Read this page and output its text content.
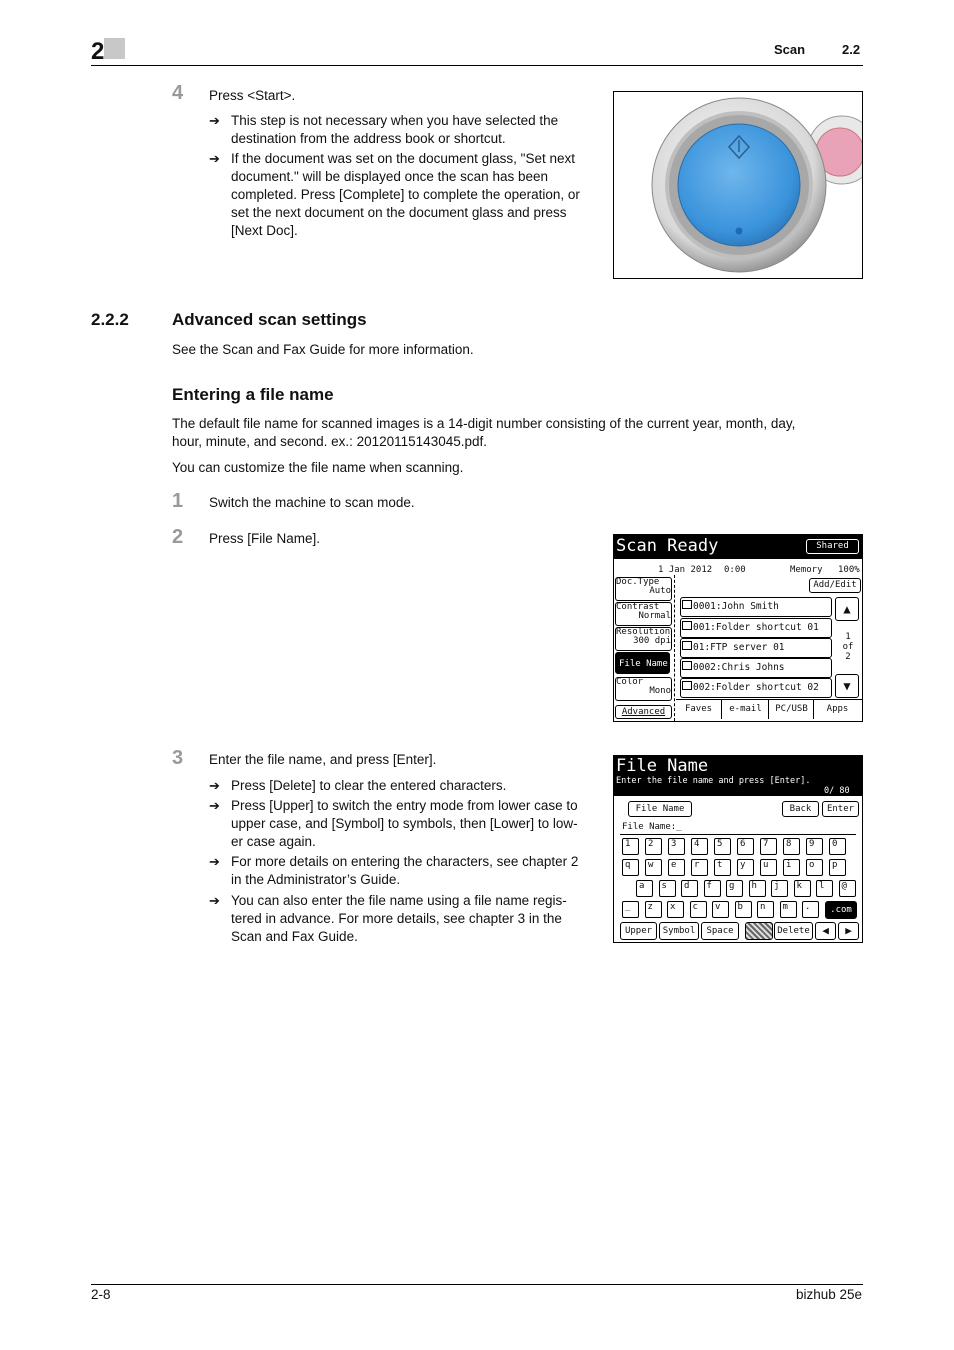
2	Scan	2.2
4 Press <Start>.
➔ This step is not necessary when you have selected the
destination from the address book or shortcut.
➔ If the document was set on the document glass, "Set next
document." will be displayed once the scan has been
completed. Press [Complete] to complete the operation, or
set the next document on the document glass and press
[Next Doc].
2.2.2	Advanced scan settings
See the Scan and Fax Guide for more information.
Entering a file name
The default file name for scanned images is a 14-digit number consisting of the current year, month, day,
hour, minute, and second. ex.: 20120115143045.pdf.
You can customize the file name when scanning.
1 Switch the machine to scan mode.
2 Press [File Name].	Scan Ready	Shared
1 Jan 2012 0:00	Memory 100%
Doc.Type
Auto
Contrast
Normal
Resolution
300 dpi
File Name
Color
Mono
Advanced
Add/Edit
0001:John Smith
001:Folder shortcut 01
01:FTP server 01
0002:Chris Johns
002:Folder shortcut 02
▲
1
of
2
▼
Faves	e-mail	PC/USB	Apps
3 Enter the file name, and press [Enter].
➔ Press [Delete] to clear the entered characters.
➔ Press [Upper] to switch the entry mode from lower case to
upper case, and [Symbol] to symbols, then [Lower] to low-
er case again.
➔ For more details on entering the characters, see chapter 2
in the Administrator’s Guide.
➔ You can also enter the file name using a file name regis-
tered in advance. For more details, see chapter 3 in the
Scan and Fax Guide.
File Name
Enter the file name and press [Enter].
0/ 80
File Name	Back	Enter
File Name:_
1	2	3	4	5	6	7	8	9	0
q	w	e	r	t	y	u	i	o	p
a	s	d	f	g	h	j	k	l	@
_	z	x	c	v	b	n	m	.	.com
Upper	Symbol	Space	Delete	◀	▶
2-8	bizhub 25e
